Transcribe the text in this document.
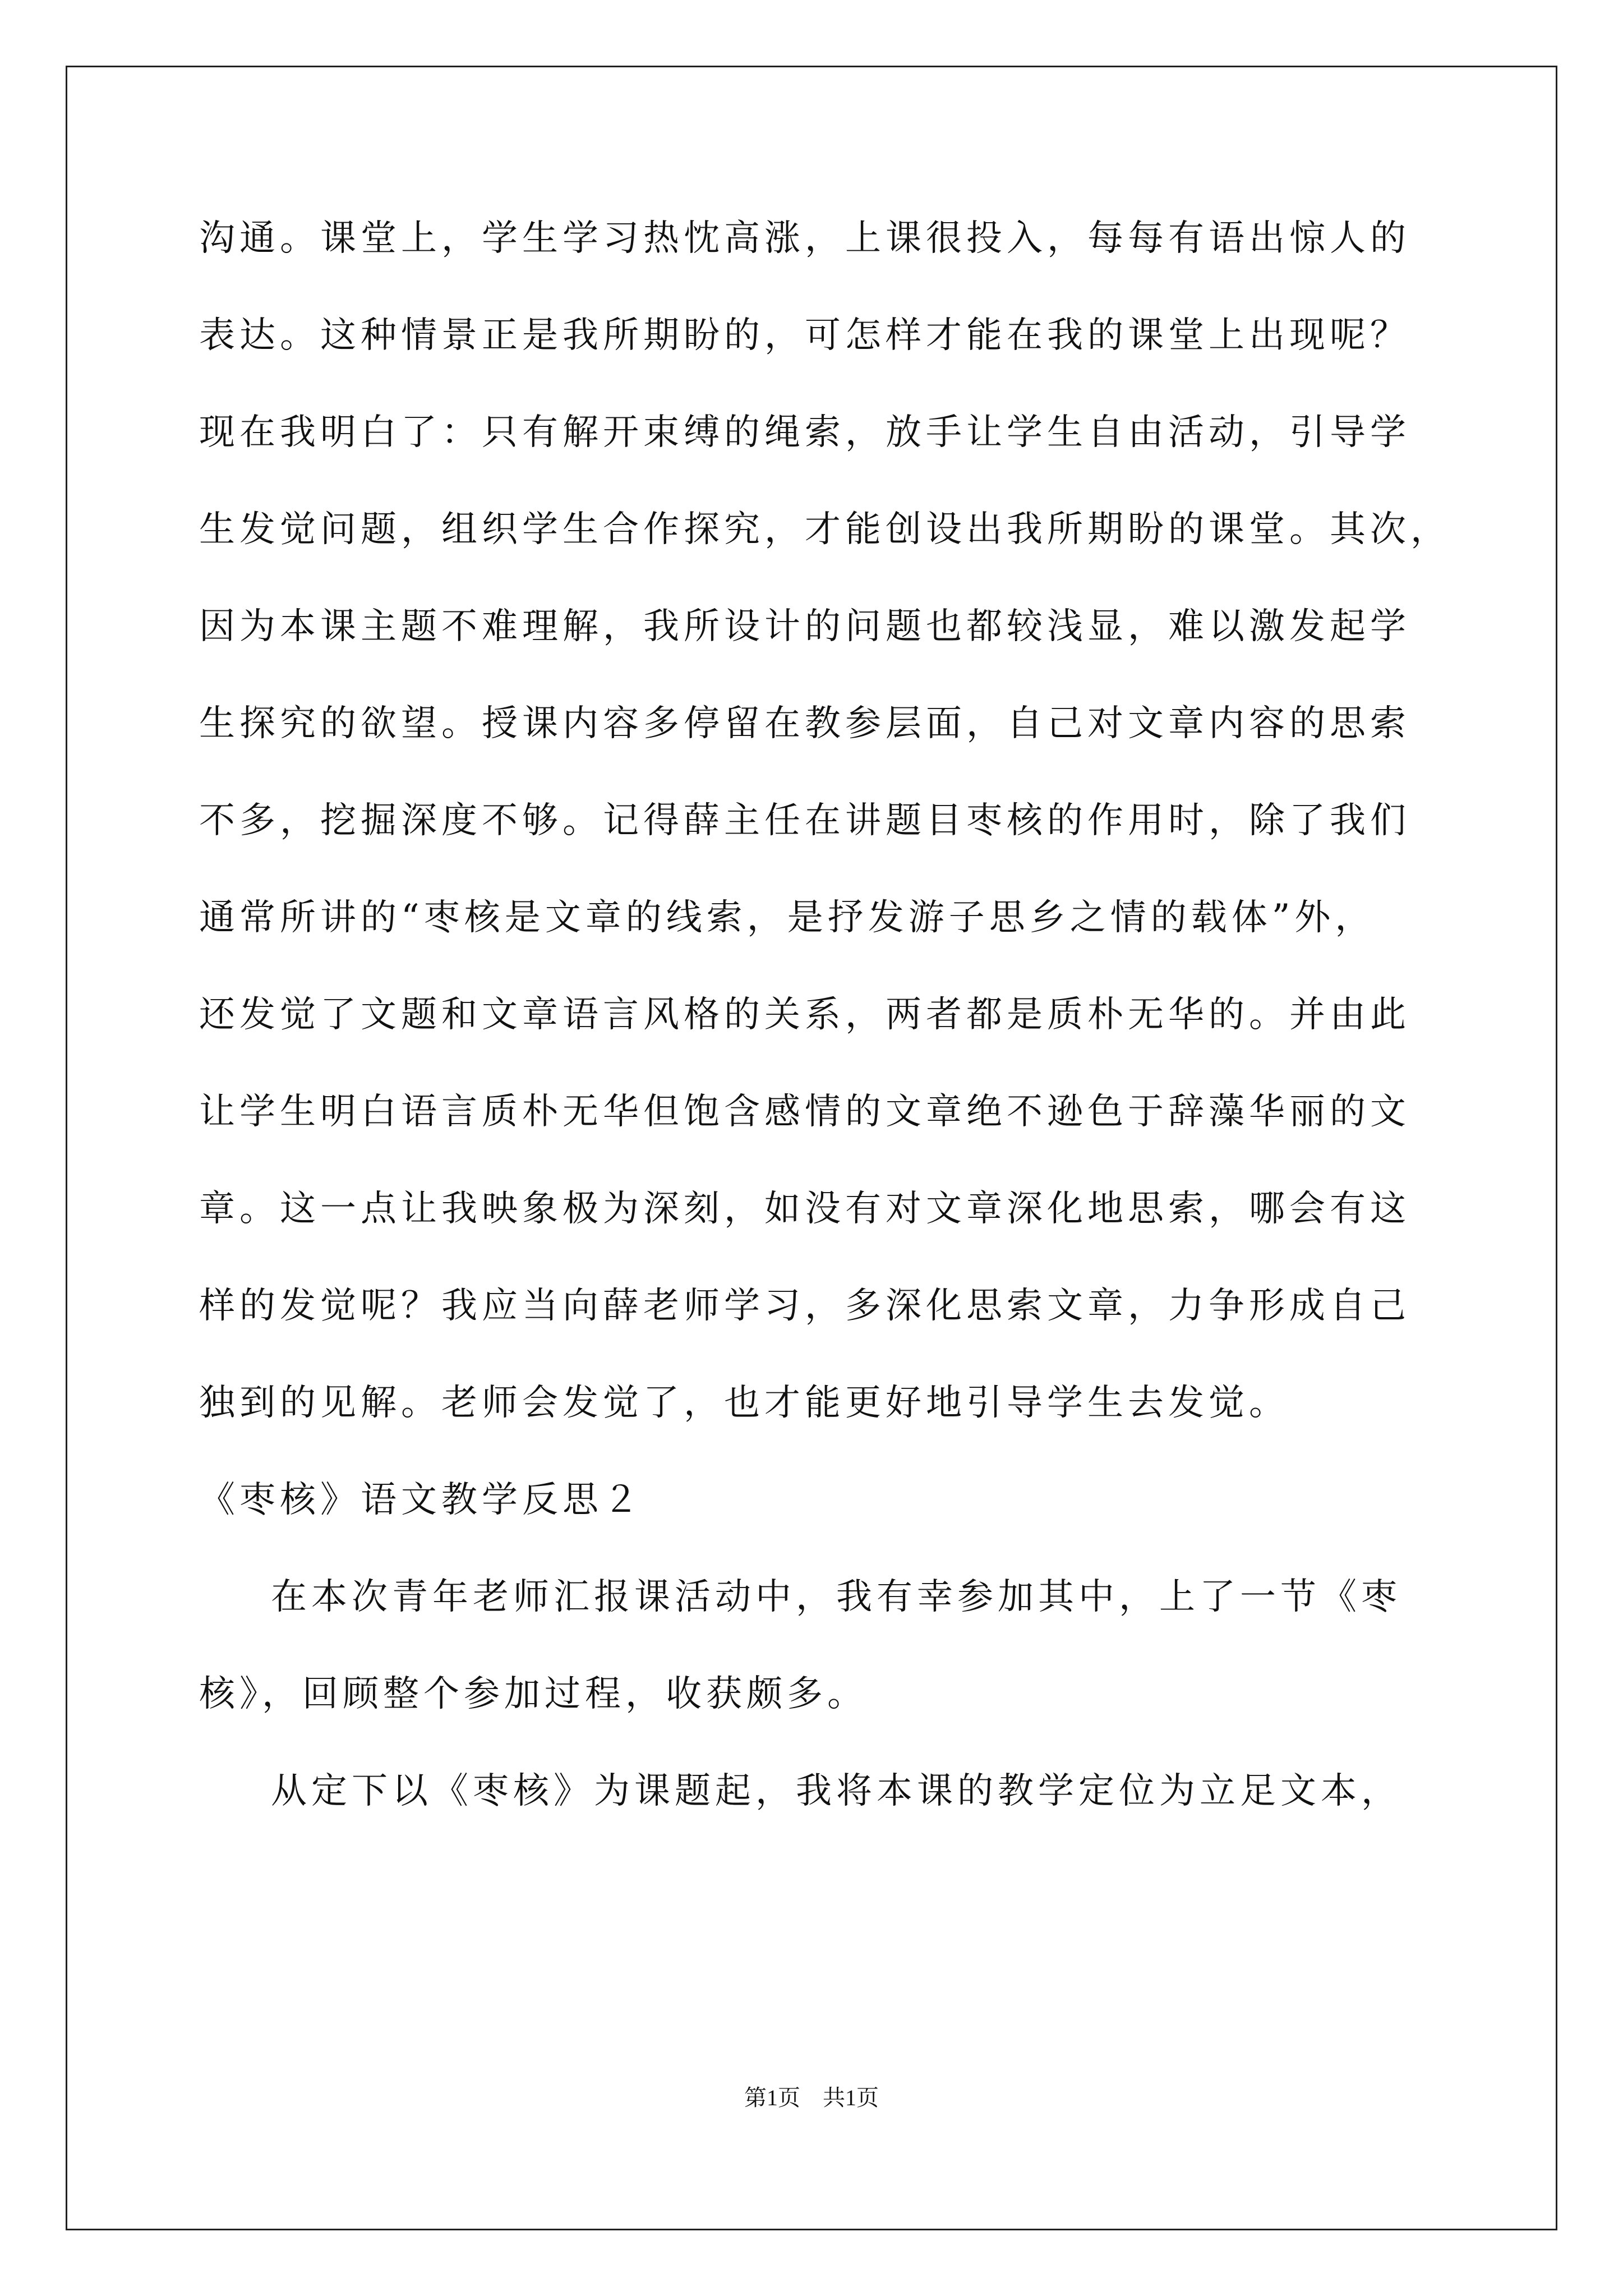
沟通。课堂上，学生学习热忱高涨，上课很投入，每每有语出惊人的
表达。这种情景正是我所期盼的，可怎样才能在我的课堂上出现呢？
现在我明白了：只有解开束缚的绳索，放手让学生自由活动，引导学
生发觉问题，组织学生合作探究，才能创设出我所期盼的课堂。其次，
因为本课主题不难理解，我所设计的问题也都较浅显，难以激发起学
生探究的欲望。授课内容多停留在教参层面，自己对文章内容的思索
不多，挖掘深度不够。记得薛主任在讲题目枣核的作用时，除了我们
通常所讲的“枣核是文章的线索，是抒发游子思乡之情的载体”外，
还发觉了文题和文章语言风格的关系，两者都是质朴无华的。并由此
让学生明白语言质朴无华但饱含感情的文章绝不逊色于辞藻华丽的文
章。这一点让我映象极为深刻，如没有对文章深化地思索，哪会有这
样的发觉呢？我应当向薛老师学习，多深化思索文章，力争形成自己
独到的见解。老师会发觉了，也才能更好地引导学生去发觉。
《枣核》语文教学反思２
在本次青年老师汇报课活动中，我有幸参加其中，上了一节《枣
核》，回顾整个参加过程，收获颇多。
从定下以《枣核》为课题起，我将本课的教学定位为立足文本，
第1页　共1页
